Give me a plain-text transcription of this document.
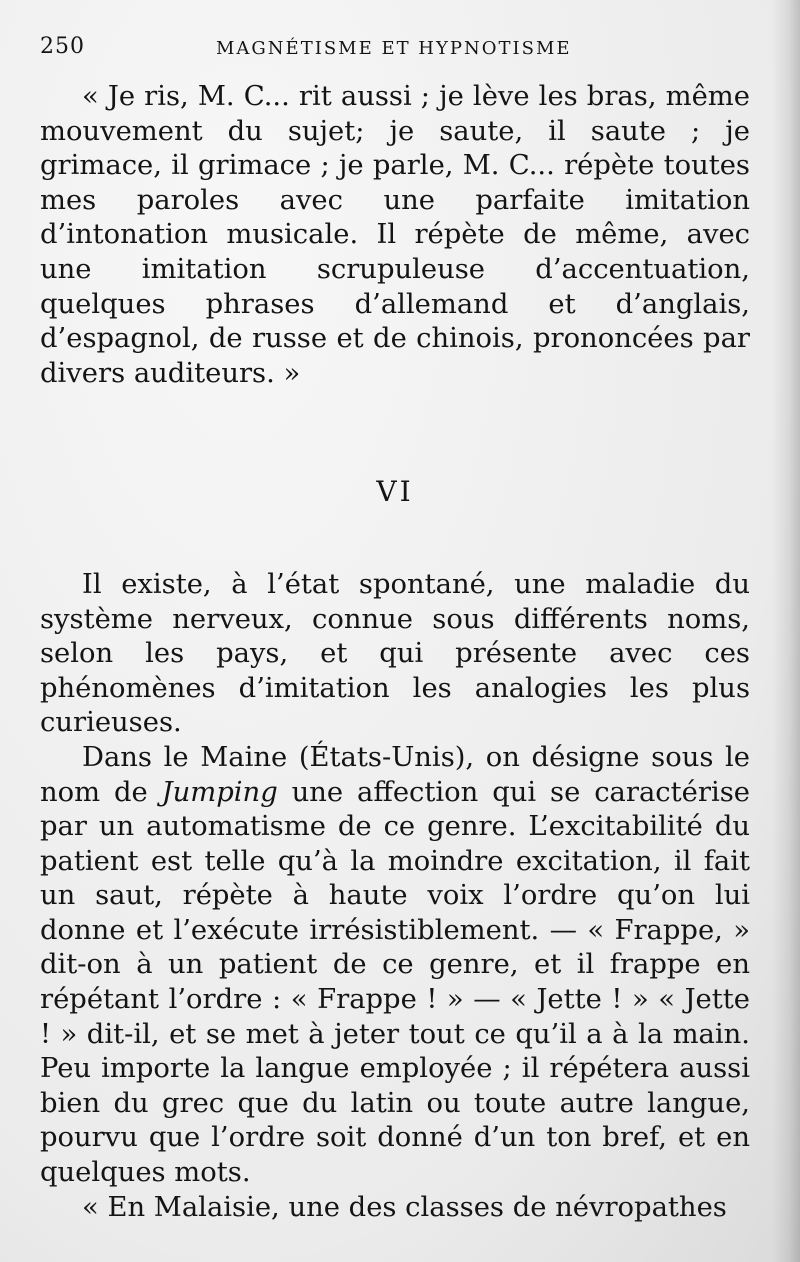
250	MAGNÉTISME ET HYPNOTISME

« Je ris, M. C... rit aussi ; je lève les bras, même mouvement du sujet; je saute, il saute ; je grimace, il grimace ; je parle, M. C... répète toutes mes paroles avec une parfaite imitation d’intonation musicale. Il répète de même, avec une imitation scrupuleuse d’accentuation, quelques phrases d’allemand et d’anglais, d’espagnol, de russe et de chinois, prononcées par divers auditeurs. »

VI

Il existe, à l’état spontané, une maladie du système nerveux, connue sous différents noms, selon les pays, et qui présente avec ces phénomènes d’imitation les analogies les plus curieuses.

Dans le Maine (États-Unis), on désigne sous le nom de Jumping une affection qui se caractérise par un automatisme de ce genre. L’excitabilité du patient est telle qu’à la moindre excitation, il fait un saut, répète à haute voix l’ordre qu’on lui donne et l’exécute irrésistiblement. — « Frappe, » dit-on à un patient de ce genre, et il frappe en répétant l’ordre : « Frappe ! » — « Jette ! » « Jette ! » dit-il, et se met à jeter tout ce qu’il a à la main. Peu importe la langue employée ; il répétera aussi bien du grec que du latin ou toute autre langue, pourvu que l’ordre soit donné d’un ton bref, et en quelques mots.

« En Malaisie, une des classes de névropathes
